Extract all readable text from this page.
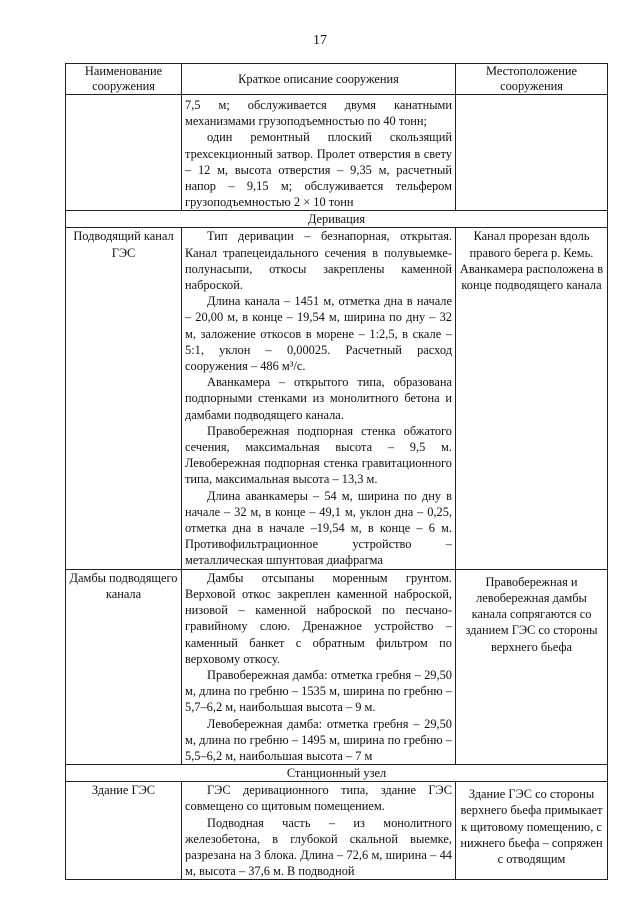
17
Наименование сооружения	Краткое описание сооружения	Местоположение сооружения

	7,5 м; обслуживается двумя канатными механизмами грузоподъемностью по 40 тонн;

один ремонтный плоский скользящий трехсекционный затвор. Пролет отверстия в свету – 12 м, высота отверстия – 9,35 м, расчетный напор – 9,15 м; обслуживается тельфером грузоподъемностью 2 × 10 тонн	

Деривация		
Подводящий канал ГЭС	Тип деривации – безнапорная, открытая. Канал трапецеидального сечения в полувыемке-полунасыпи, откосы закреплены каменной наброской.

Длина канала – 1451 м, отметка дна в начале – 20,00 м, в конце – 19,54 м, ширина по дну – 32 м, заложение откосов в морене – 1:2,5, в скале – 5:1, уклон – 0,00025. Расчетный расход сооружения – 486 м³/с.

Аванкамера – открытого типа, образована подпорными стенками из монолитного бетона и дамбами подводящего канала.

Правобережная подпорная стенка обжатого сечения, максимальная высота – 9,5 м. Левобережная подпорная стенка гравитационного типа, максимальная высота – 13,3 м.

Длина аванкамеры – 54 м, ширина по дну в начале – 32 м, в конце – 49,1 м, уклон дна – 0,25, отметка дна в начале –19,54 м, в конце – 6 м. Противофильтрационное устройство – металлическая шпунтовая диафрагма	Канал прорезан вдоль правого берега р. Кемь. Аванкамера расположена в конце подводящего канала
Дамбы подводящего канала	Дамбы отсыпаны моренным грунтом. Верховой откос закреплен каменной наброской, низовой – каменной наброской по песчано-гравийному слою. Дренажное устройство – каменный банкет с обратным фильтром по верховому откосу.

Правобережная дамба: отметка гребня – 29,50 м, длина по гребню – 1535 м, ширина по гребню – 5,7–6,2 м, наибольшая высота – 9 м.

Левобережная дамба: отметка гребня – 29,50 м, длина по гребню – 1495 м, ширина по гребню – 5,5–6,2 м, наибольшая высота – 7 м	Правобережная и левобережная дамбы канала сопрягаются со зданием ГЭС со стороны верхнего бьефа
Станционный узел		
Здание ГЭС	ГЭС деривационного типа, здание ГЭС совмещено со щитовым помещением.

Подводная часть – из монолитного железобетона, в глубокой скальной выемке, разрезана на 3 блока. Длина – 72,6 м, ширина – 44 м, высота – 37,6 м. В подводной	Здание ГЭС со стороны верхнего бьефа примыкает к щитовому помещению, с нижнего бьефа – сопряжен с отводящим
